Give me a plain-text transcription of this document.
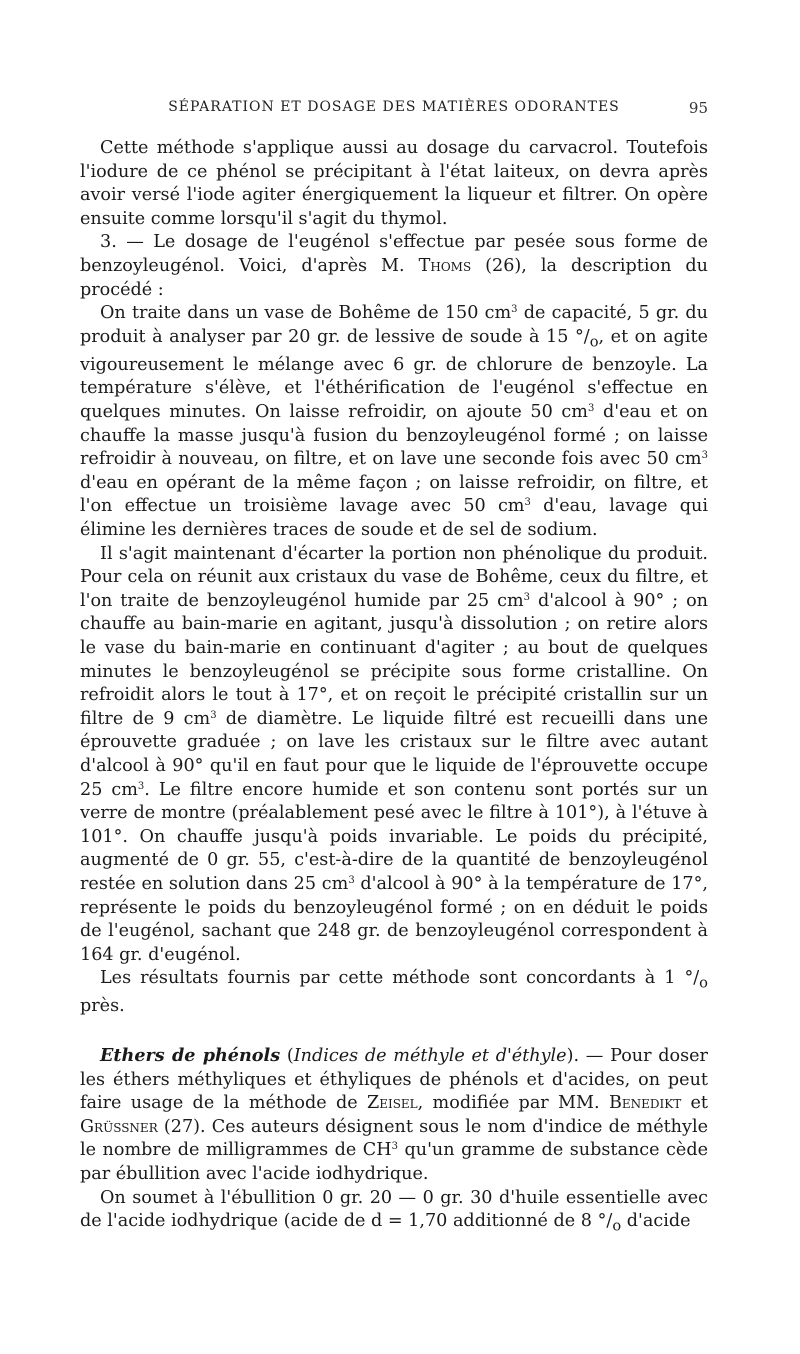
SÉPARATION ET DOSAGE DES MATIÈRES ODORANTES	95

Cette méthode s'applique aussi au dosage du carvacrol. Toutefois l'iodure de ce phénol se précipitant à l'état laiteux, on devra après avoir versé l'iode agiter énergiquement la liqueur et filtrer. On opère ensuite comme lorsqu'il s'agit du thymol.

3. — Le dosage de l'eugénol s'effectue par pesée sous forme de benzoyleugénol. Voici, d'après M. Thoms (26), la description du procédé :

On traite dans un vase de Bohême de 150 $cm^3$ de capacité, 5 gr. du produit à analyser par 20 gr. de lessive de soude à 15 $^\circ/_o$, et on agite vigoureusement le mélange avec 6 gr. de chlorure de benzoyle. La température s'élève, et l'éthérification de l'eugénol s'effectue en quelques minutes. On laisse refroidir, on ajoute 50 $cm^3$ d'eau et on chauffe la masse jusqu'à fusion du benzoyleugénol formé ; on laisse refroidir à nouveau, on filtre, et on lave une seconde fois avec 50 $cm^3$ d'eau en opérant de la même façon ; on laisse refroidir, on filtre, et l'on effectue un troisième lavage avec 50 $cm^3$ d'eau, lavage qui élimine les dernières traces de soude et de sel de sodium.

Il s'agit maintenant d'écarter la portion non phénolique du produit. Pour cela on réunit aux cristaux du vase de Bohême, ceux du filtre, et l'on traite de benzoyleugénol humide par 25 $cm^3$ d'alcool à 90° ; on chauffe au bain-marie en agitant, jusqu'à dissolution ; on retire alors le vase du bain-marie en continuant d'agiter ; au bout de quelques minutes le benzoyleugénol se précipite sous forme cristalline. On refroidit alors le tout à 17°, et on reçoit le précipité cristallin sur un filtre de 9 $cm^3$ de diamètre. Le liquide filtré est recueilli dans une éprouvette graduée ; on lave les cristaux sur le filtre avec autant d'alcool à 90° qu'il en faut pour que le liquide de l'éprouvette occupe 25 $cm^3$. Le filtre encore humide et son contenu sont portés sur un verre de montre (préalablement pesé avec le filtre à 101°), à l'étuve à 101°. On chauffe jusqu'à poids invariable. Le poids du précipité, augmenté de 0 gr. 55, c'est-à-dire de la quantité de benzoyleugénol restée en solution dans 25 $cm^3$ d'alcool à 90° à la température de 17°, représente le poids du benzoyleugénol formé ; on en déduit le poids de l'eugénol, sachant que 248 gr. de benzoyleugénol correspondent à 164 gr. d'eugénol.

Les résultats fournis par cette méthode sont concordants à 1 $^\circ/_o$ près.

Ethers de phénols (Indices de méthyle et d'éthyle). — Pour doser les éthers méthyliques et éthyliques de phénols et d'acides, on peut faire usage de la méthode de Zeisel, modifiée par MM. Benedikt et Grüssner (27). Ces auteurs désignent sous le nom d'indice de méthyle le nombre de milligrammes de $CH^3$ qu'un gramme de substance cède par ébullition avec l'acide iodhydrique.

On soumet à l'ébullition 0 gr. 20 — 0 gr. 30 d'huile essentielle avec de l'acide iodhydrique (acide de d = 1,70 additionné de 8 $^\circ/_o$ d'acide
